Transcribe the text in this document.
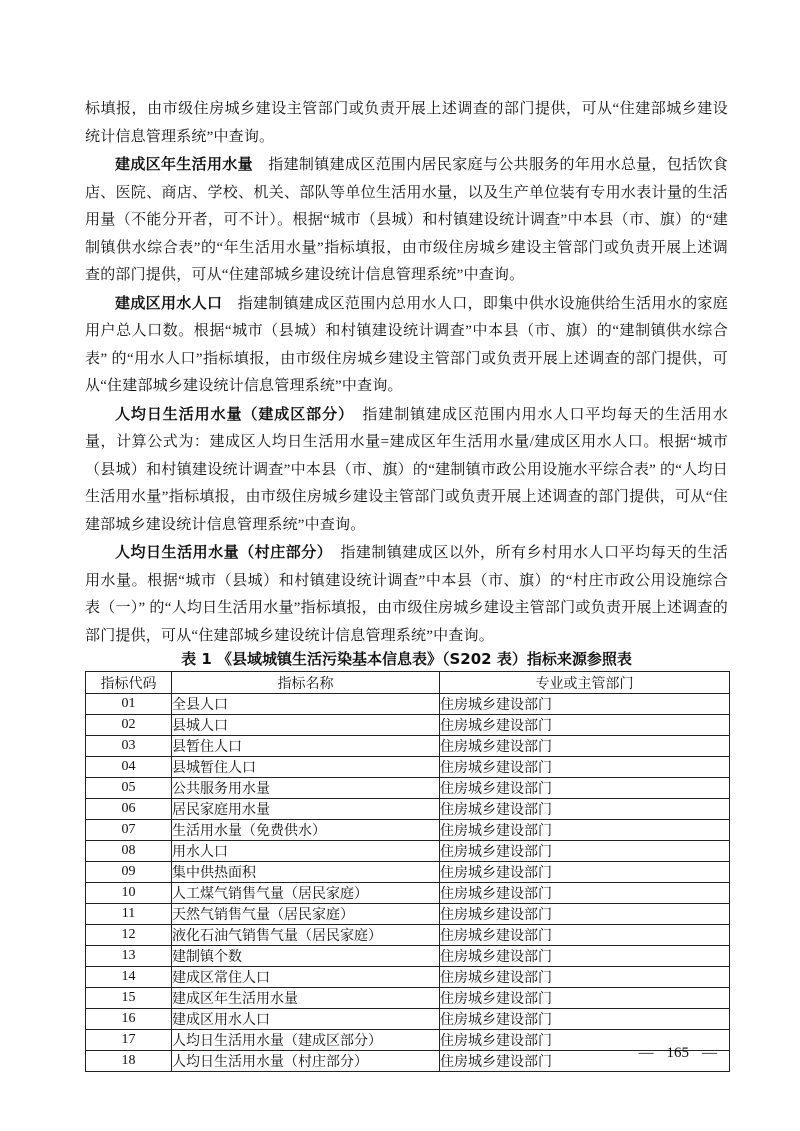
标填报，由市级住房城乡建设主管部门或负责开展上述调查的部门提供，可从“住建部城乡建设统计信息管理系统”中查询。

建成区年生活用水量　 指建制镇建成区范围内居民家庭与公共服务的年用水总量，包括饮食店、医院、商店、学校、机关、部队等单位生活用水量，以及生产单位装有专用水表计量的生活用量（不能分开者，可不计）。根据“城市（县城）和村镇建设统计调查”中本县（市、旗）的“建制镇供水综合表”的“年生活用水量”指标填报，由市级住房城乡建设主管部门或负责开展上述调查的部门提供，可从“住建部城乡建设统计信息管理系统”中查询。

建成区用水人口　 指建制镇建成区范围内总用水人口，即集中供水设施供给生活用水的家庭用户总人口数。根据“城市（县城）和村镇建设统计调查”中本县（市、旗）的“建制镇供水综合表” 的“用水人口”指标填报，由市级住房城乡建设主管部门或负责开展上述调查的部门提供，可从“住建部城乡建设统计信息管理系统”中查询。

人均日生活用水量（建成区部分）　 指建制镇建成区范围内用水人口平均每天的生活用水量，计算公式为：建成区人均日生活用水量=建成区年生活用水量/建成区用水人口。根据“城市（县城）和村镇建设统计调查”中本县（市、旗）的“建制镇市政公用设施水平综合表” 的“人均日生活用水量”指标填报，由市级住房城乡建设主管部门或负责开展上述调查的部门提供，可从“住建部城乡建设统计信息管理系统”中查询。

人均日生活用水量（村庄部分）　 指建制镇建成区以外，所有乡村用水人口平均每天的生活用水量。根据“城市（县城）和村镇建设统计调查”中本县（市、旗）的“村庄市政公用设施综合表（一）” 的“人均日生活用水量”指标填报，由市级住房城乡建设主管部门或负责开展上述调查的部门提供，可从“住建部城乡建设统计信息管理系统”中查询。

表 1 《县域城镇生活污染基本信息表》（S202 表）指标来源参照表
指标代码	指标名称	专业或主管部门
01	全县人口	住房城乡建设部门
02	县城人口	住房城乡建设部门
03	县暂住人口	住房城乡建设部门
04	县城暂住人口	住房城乡建设部门
05	公共服务用水量	住房城乡建设部门
06	居民家庭用水量	住房城乡建设部门
07	生活用水量（免费供水）	住房城乡建设部门
08	用水人口	住房城乡建设部门
09	集中供热面积	住房城乡建设部门
10	人工煤气销售气量（居民家庭）	住房城乡建设部门
11	天然气销售气量（居民家庭）	住房城乡建设部门
12	液化石油气销售气量（居民家庭）	住房城乡建设部门
13	建制镇个数	住房城乡建设部门
14	建成区常住人口	住房城乡建设部门
15	建成区年生活用水量	住房城乡建设部门
16	建成区用水人口	住房城乡建设部门
17	人均日生活用水量（建成区部分）	住房城乡建设部门
18	人均日生活用水量（村庄部分）	住房城乡建设部门
— 165 —
